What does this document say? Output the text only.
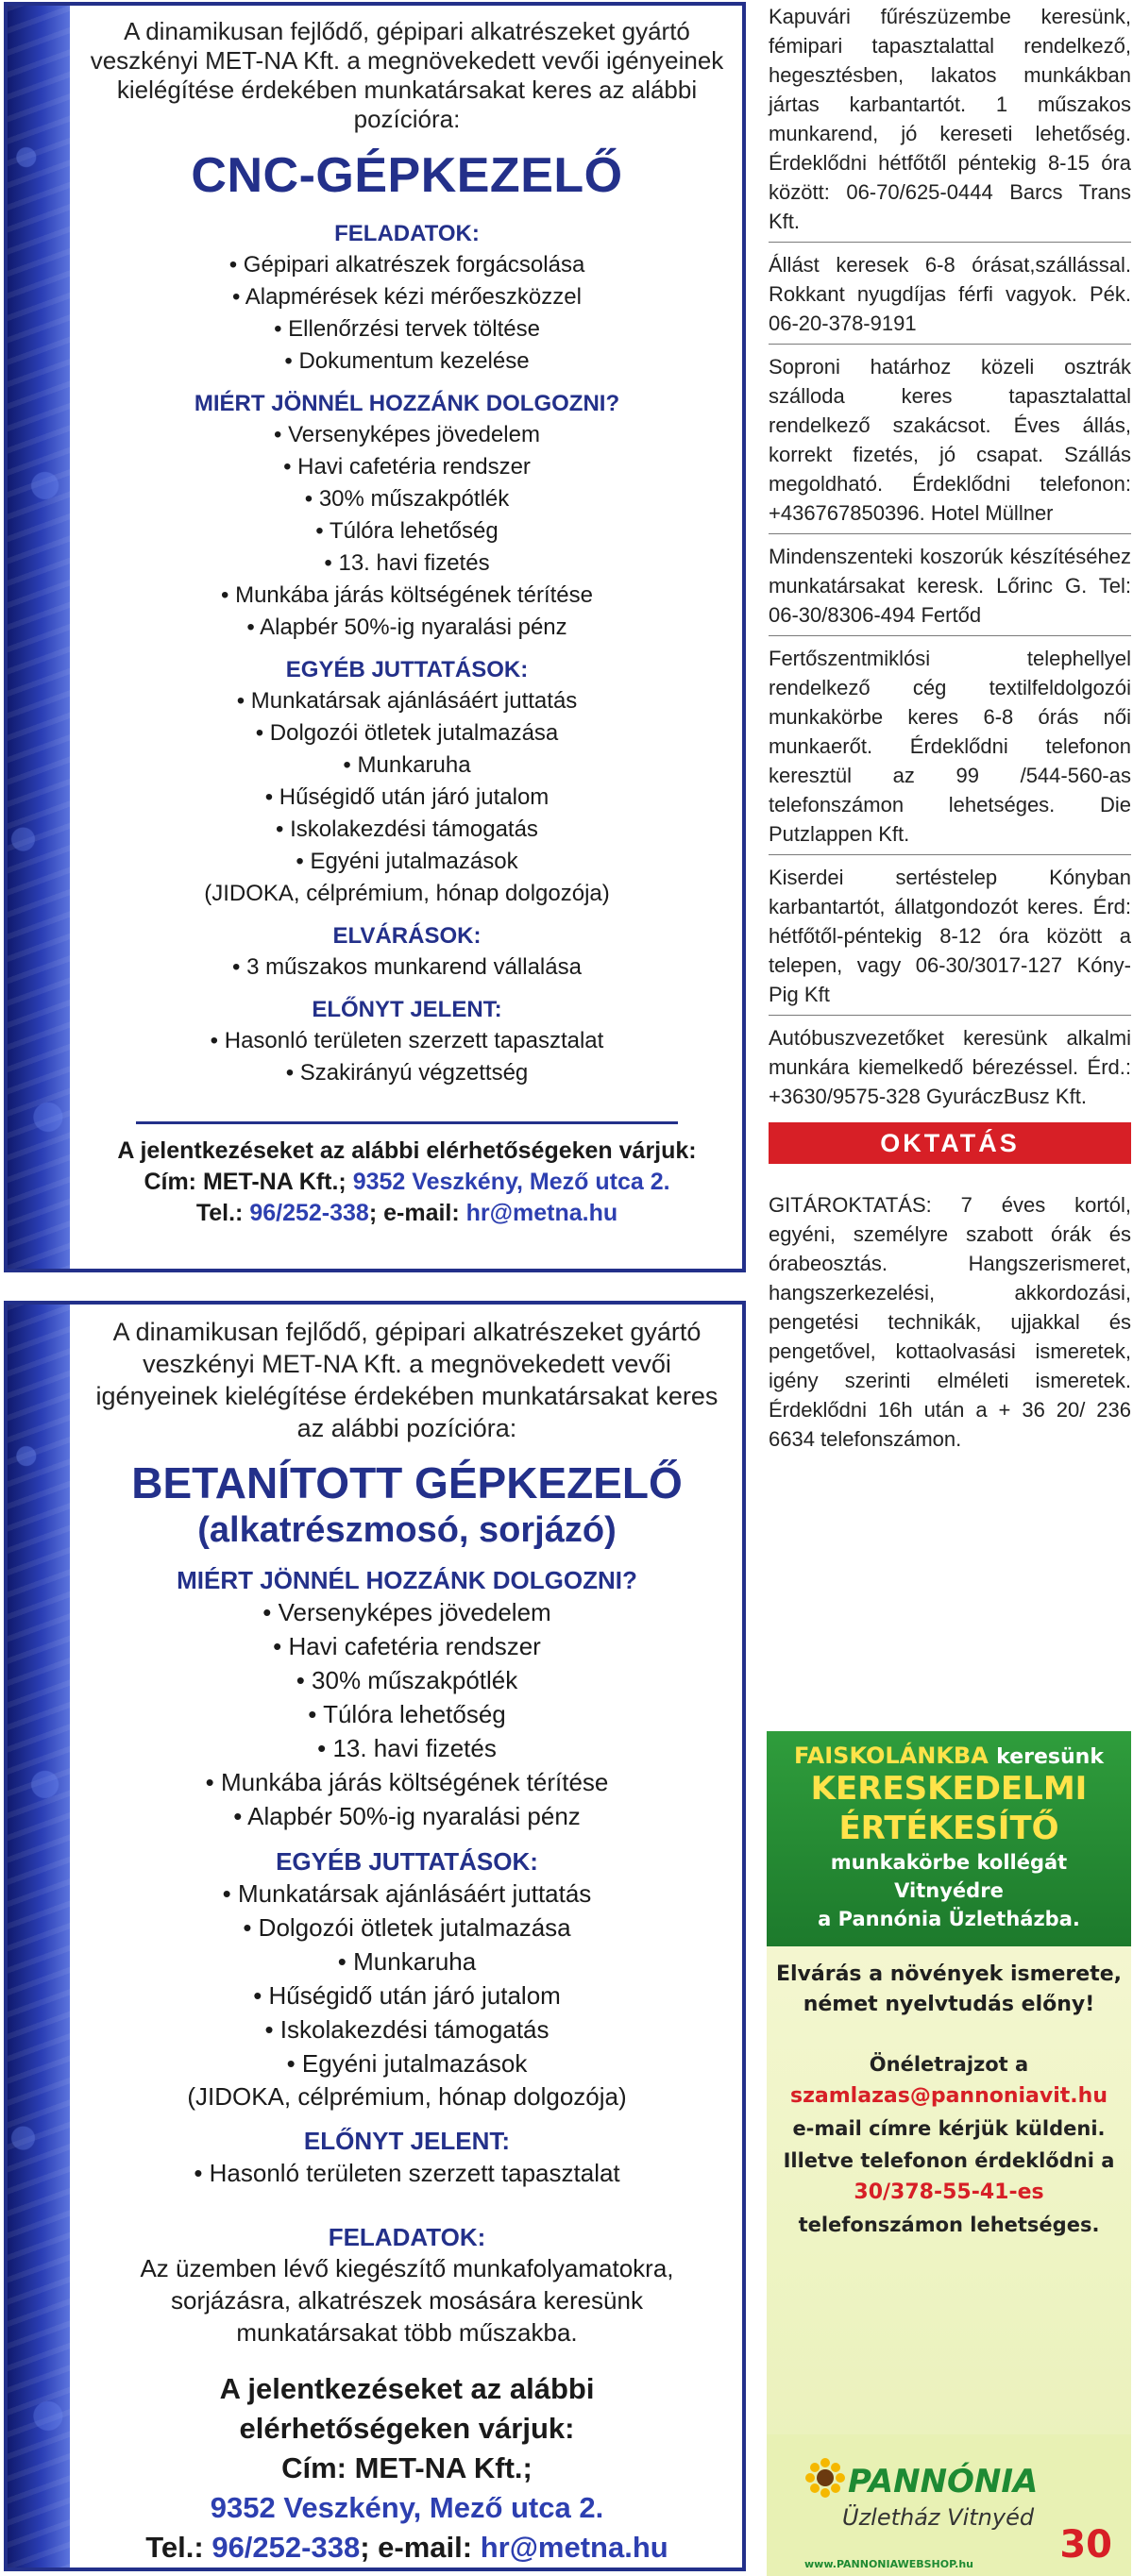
A dinamikusan fejlődő, gépipari alkatrészeket gyártó veszkényi MET-NA Kft. a megnövekedett vevői igényeinek kielégítése érdekében munkatársakat keres az alábbi pozícióra:
CNC-GÉPKEZELŐ
FELADATOK:
• Gépipari alkatrészek forgácsolása
• Alapmérések kézi mérőeszközzel
• Ellenőrzési tervek töltése
• Dokumentum kezelése
MIÉRT JÖNNÉL HOZZÁNK DOLGOZNI?
• Versenyképes jövedelem
• Havi cafetéria rendszer
• 30% műszakpótlék
• Túlóra lehetőség
• 13. havi fizetés
• Munkába járás költségének térítése
• Alapbér 50%-ig nyaralási pénz
EGYÉB JUTTATÁSOK:
• Munkatársak ajánlásáért juttatás
• Dolgozói ötletek jutalmazása
• Munkaruha
• Hűségidő után járó jutalom
• Iskolakezdési támogatás
• Egyéni jutalmazások
(JIDOKA, célprémium, hónap dolgozója)
ELVÁRÁSOK:
• 3 műszakos munkarend vállalása
ELŐNYT JELENT:
• Hasonló területen szerzett tapasztalat
• Szakirányú végzettség
A jelentkezéseket az alábbi elérhetőségeken várjuk:
Cím: MET-NA Kft.; 9352 Veszkény, Mező utca 2.
Tel.: 96/252-338; e-mail: hr@metna.hu
A dinamikusan fejlődő, gépipari alkatrészeket gyártó veszkényi MET-NA Kft. a megnövekedett vevői igényeinek kielégítése érdekében munkatársakat keres az alábbi pozícióra:
BETANÍTOTT GÉPKEZELŐ
(alkatrészmosó, sorjázó)
MIÉRT JÖNNÉL HOZZÁNK DOLGOZNI?
• Versenyképes jövedelem
• Havi cafetéria rendszer
• 30% műszakpótlék
• Túlóra lehetőség
• 13. havi fizetés
• Munkába járás költségének térítése
• Alapbér 50%-ig nyaralási pénz
EGYÉB JUTTATÁSOK:
• Munkatársak ajánlásáért juttatás
• Dolgozói ötletek jutalmazása
• Munkaruha
• Hűségidő után járó jutalom
• Iskolakezdési támogatás
• Egyéni jutalmazások
(JIDOKA, célprémium, hónap dolgozója)
ELŐNYT JELENT:
• Hasonló területen szerzett tapasztalat
FELADATOK:
Az üzemben lévő kiegészítő munkafolyamatokra, sorjázásra, alkatrészek mosására keresünk munkatársakat több műszakba.
A jelentkezéseket az alábbi
elérhetőségeken várjuk:
Cím: MET-NA Kft.;
9352 Veszkény, Mező utca 2.
Tel.: 96/252-338; e-mail: hr@metna.hu
Kapuvári fűrészüzembe keresünk, fémipari tapasztalattal rendelkező, hegesztésben, lakatos munkákban jártas karbantartót. 1 műszakos munkarend, jó kereseti lehetőség. Érdeklődni hétfőtől péntekig 8-15 óra között: 06-70/625-0444 Barcs Trans Kft.
Állást keresek 6-8 órásat,szállással. Rokkant nyugdíjas férfi vagyok. Pék. 06-20-378-9191
Soproni határhoz közeli osztrák szálloda keres tapasztalattal rendelkező szakácsot. Éves állás, korrekt fizetés, jó csapat. Szállás megoldható. Érdeklődni telefonon: +436767850396. Hotel Müllner
Mindenszenteki koszorúk készítéséhez munkatársakat keresk. Lőrinc G. Tel: 06-30/8306-494 Fertőd
Fertőszentmiklósi telephellyel rendelkező cég textilfeldolgozói munkakörbe keres 6-8 órás női munkaerőt. Érdeklődni telefonon keresztül az 99 /544-560-as telefonszámon lehetséges. Die Putzlappen Kft.
Kiserdei sertéstelep Kónyban karbantartót, állatgondozót keres. Érd: hétfőtől-péntekig 8-12 óra között a telepen, vagy 06-30/3017-127 Kóny-Pig Kft
Autóbuszvezetőket keresünk alkalmi munkára kiemelkedő bérezéssel. Érd.: +3630/9575-328 GyuráczBusz Kft.
OKTATÁS
GITÁROKTATÁS: 7 éves kortól, egyéni, személyre szabott órák és órabeosztás. Hangszerismeret, hangszerkezelési, akkordozási, pengetési technikák, ujjakkal és pengetővel, kottaolvasási ismeretek, igény szerinti elméleti ismeretek. Érdeklődni 16h után a + 36 20/ 236 6634 telefonszámon.
FAISKOLÁNKBA keresünk
KERESKEDELMI
ÉRTÉKESÍTŐ
munkakörbe kollégát
Vitnyédre
a Pannónia Üzletházba.
Elvárás a növények ismerete,
német nyelvtudás előny!
Önéletrajzot a
szamlazas@pannoniavit.hu
e-mail címre kérjük küldeni.
Illetve telefonon érdeklődni a
30/378-55-41-es
telefonszámon lehetséges.
PANNÓNIA
Üzletház Vitnyéd
www.PANNONIAWEBSHOP.hu 30
